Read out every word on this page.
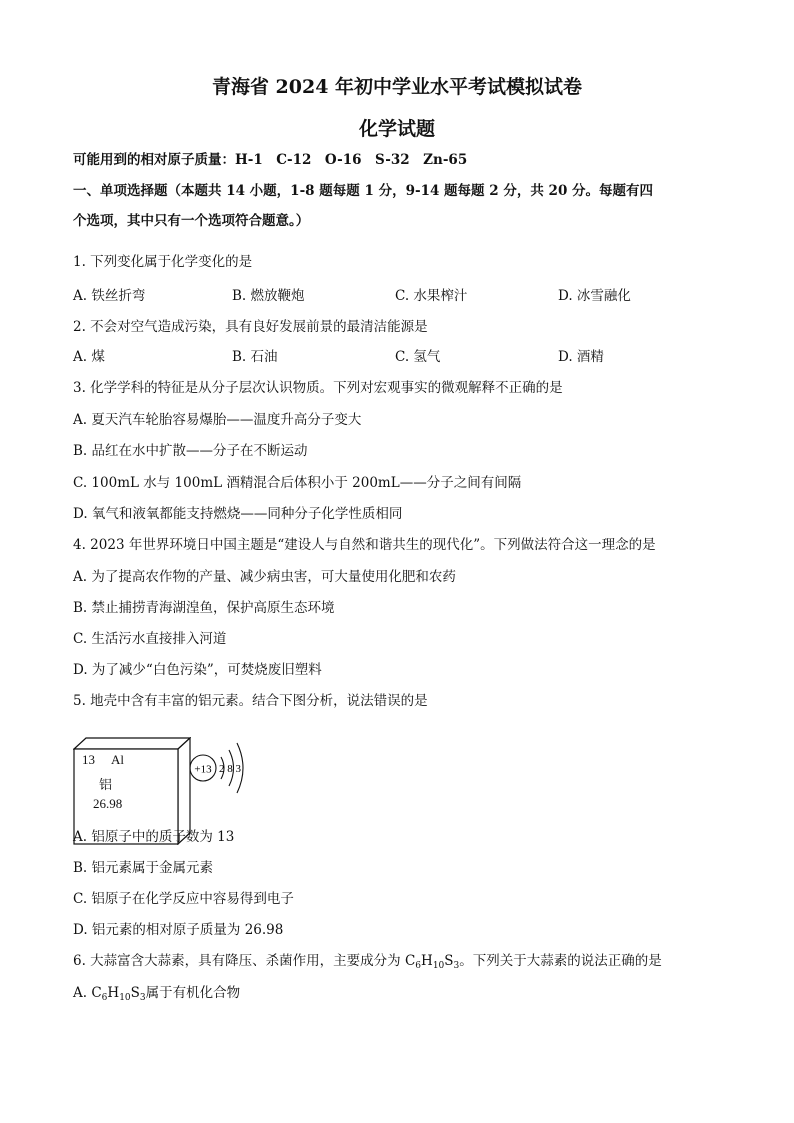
青海省 2024 年初中学业水平考试模拟试卷
化学试题
可能用到的相对原子质量：H-1　C-12　O-16　S-32　Zn-65
一、单项选择题（本题共 14 小题，1-8 题每题 1 分，9-14 题每题 2 分，共 20 分。每题有四
个选项，其中只有一个选项符合题意。）
1. 下列变化属于化学变化的是
A. 铁丝折弯	B. 燃放鞭炮	C. 水果榨汁	D. 冰雪融化
2. 不会对空气造成污染，具有良好发展前景的最清洁能源是
A. 煤	B. 石油	C. 氢气	D. 酒精
3. 化学学科的特征是从分子层次认识物质。下列对宏观事实的微观解释不正确的是
A. 夏天汽车轮胎容易爆胎——温度升高分子变大
B. 品红在水中扩散——分子在不断运动
C. 100mL 水与 100mL 酒精混合后体积小于 200mL——分子之间有间隔
D. 氧气和液氧都能支持燃烧——同种分子化学性质相同
4. 2023 年世界环境日中国主题是“建设人与自然和谐共生的现代化”。下列做法符合这一理念的是
A. 为了提高农作物的产量、减少病虫害，可大量使用化肥和农药
B. 禁止捕捞青海湖湟鱼，保护高原生态环境
C. 生活污水直接排入河道
D. 为了减少“白色污染”，可焚烧废旧塑料
5. 地壳中含有丰富的铝元素。结合下图分析，说法错误的是
13 Al
铝
26.98
+13 2 8 3
A. 铝原子中的质子数为 13
B. 铝元素属于金属元素
C. 铝原子在化学反应中容易得到电子
D. 铝元素的相对原子质量为 26.98
6. 大蒜富含大蒜素，具有降压、杀菌作用，主要成分为 $C_6H_{10}S_3$。下列关于大蒜素的说法正确的是
A. $C_6H_{10}S_3$属于有机化合物
